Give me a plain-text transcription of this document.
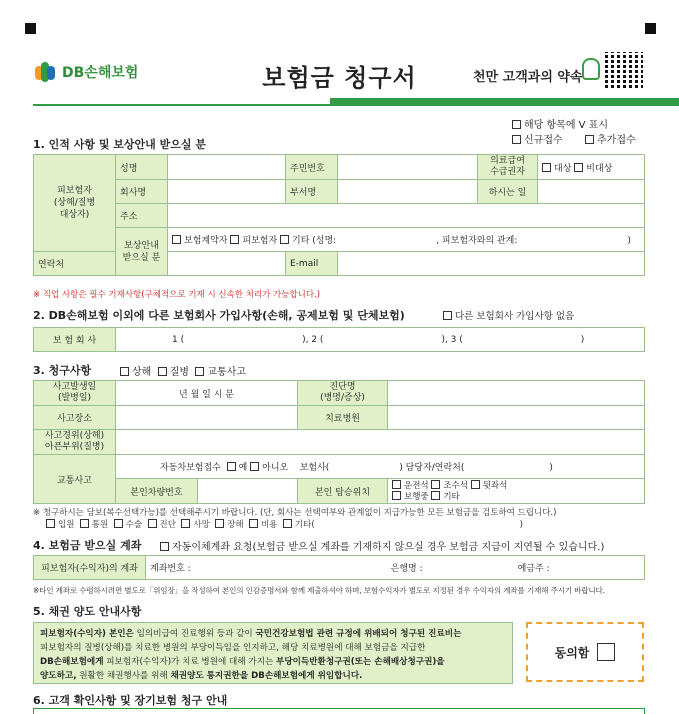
DB손해보험	보험금 청구서	천만 고객과의 약속
해당 항목에 V 표시
신규접수	추가접수
1. 인적 사항 및 보상안내 받으실 분
피보험자
(상해/질병
대상자)	성명		주민번호		의료급여
수급권자	대상 비대상
	회사명		부서명		하시는 일	
	주소					
	보상안내
받으실 분	보험계약자 피보험자 기타 (성명: , 피보험자와의 관계: )				
연락처			E-mail			
※ 직업 사항은 필수 기재사항(구체적으로 기재 시 신속한 처리가 가능합니다.)
2. DB손해보험 이외에 다른 보험회사 가입사항(손해, 공제보험 및 단체보험)	다른 보험회사 가입사항 없음
보 험 회 사	1 (	), 2 (	), 3 (	)
3. 청구사항	상해 질병 교통사고
사고발생일
(발병일)	년 월 일 시 분		진단명
(병명/증상)	
사고장소			치료병원	
사고경위(상해)
아픈부위(질병)				
교통사고	자동차보험접수 예 아니오 보험사( ) 담당자/연락처( )			
	본인차량번호		본인 탑승위치	운전석 조수석 뒷좌석
보행중 기타
※ 청구하시는 담보(복수선택가능)를 선택해주시기 바랍니다. (단, 회사는 선택여부와 관계없이 지급가능한 모든 보험금을 검토하여 드립니다.)
입원 통원 수술 진단 사망 장해 비용 기타(	)
4. 보험금 받으실 계좌	자동이체계좌 요청(보험금 받으실 계좌를 기재하지 않으실 경우 보험금 지급이 지연될 수 있습니다.)
피보험자(수익자)의 계좌	계좌번호 :	은행명 :	예금주 :
※타인 계좌로 수령하시려면 별도로「위임장」을 작성하여 본인의 인감증명서와 함께 제출하셔야 하며, 보험수익자가 별도로 지정된 경우 수익자의 계좌를 기재해 주시기 바랍니다.
5. 채권 양도 안내사항
피보험자(수익자) 본인은 임의비급여 진료행위 등과 같이 국민건강보험법 관련 규정에 위배되어 청구된 진료비는
피보험자의 질병(상해)를 치료한 병원의 부당이득임을 인지하고, 해당 치료병원에 대해 보험금을 지급한
DB손해보험에게 피보험자(수익자)가 치료 병원에 대해 가지는 부당이득반환청구권(또는 손해배상청구권)을
양도하고, 원활한 채권행사를 위해 채권양도 통지권한을 DB손해보험에게 위임합니다.
동의함
6. 고객 확인사항 및 장기보험 청구 안내
